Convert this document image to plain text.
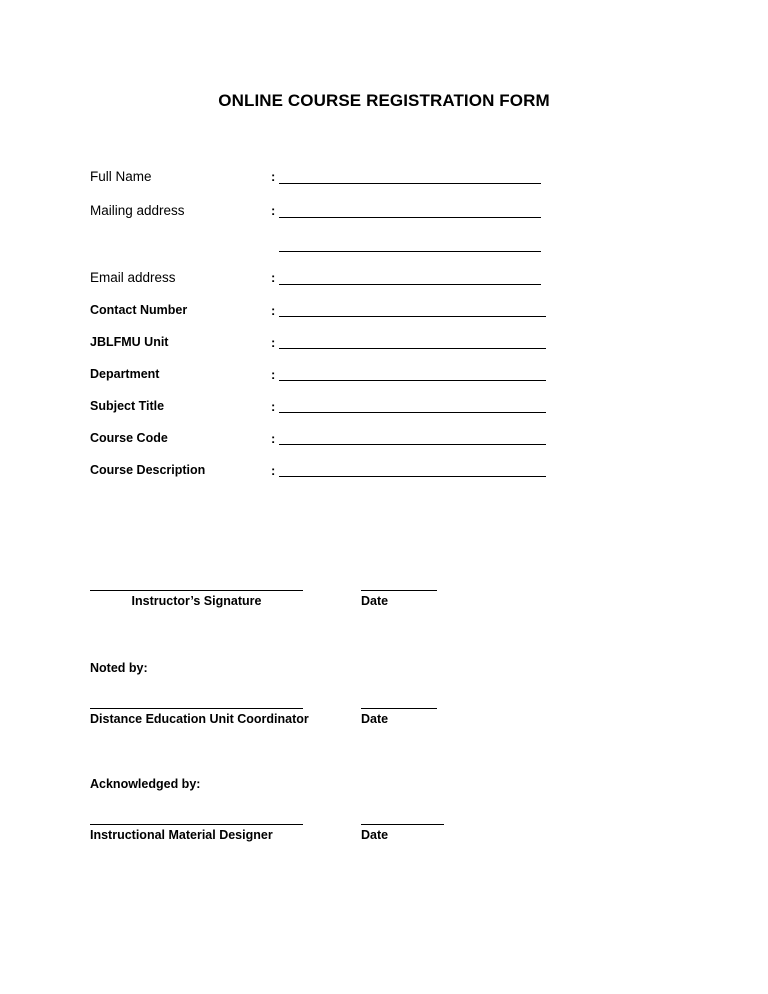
ONLINE COURSE REGISTRATION FORM
Full Name	:
Mailing address	:
Email address	:
Contact Number	:
JBLFMU Unit	:
Department	:
Subject Title	:
Course Code	:
Course Description	:
Instructor’s Signature	Date
Noted by:
Distance Education Unit Coordinator	Date
Acknowledged by:
Instructional Material Designer	Date
